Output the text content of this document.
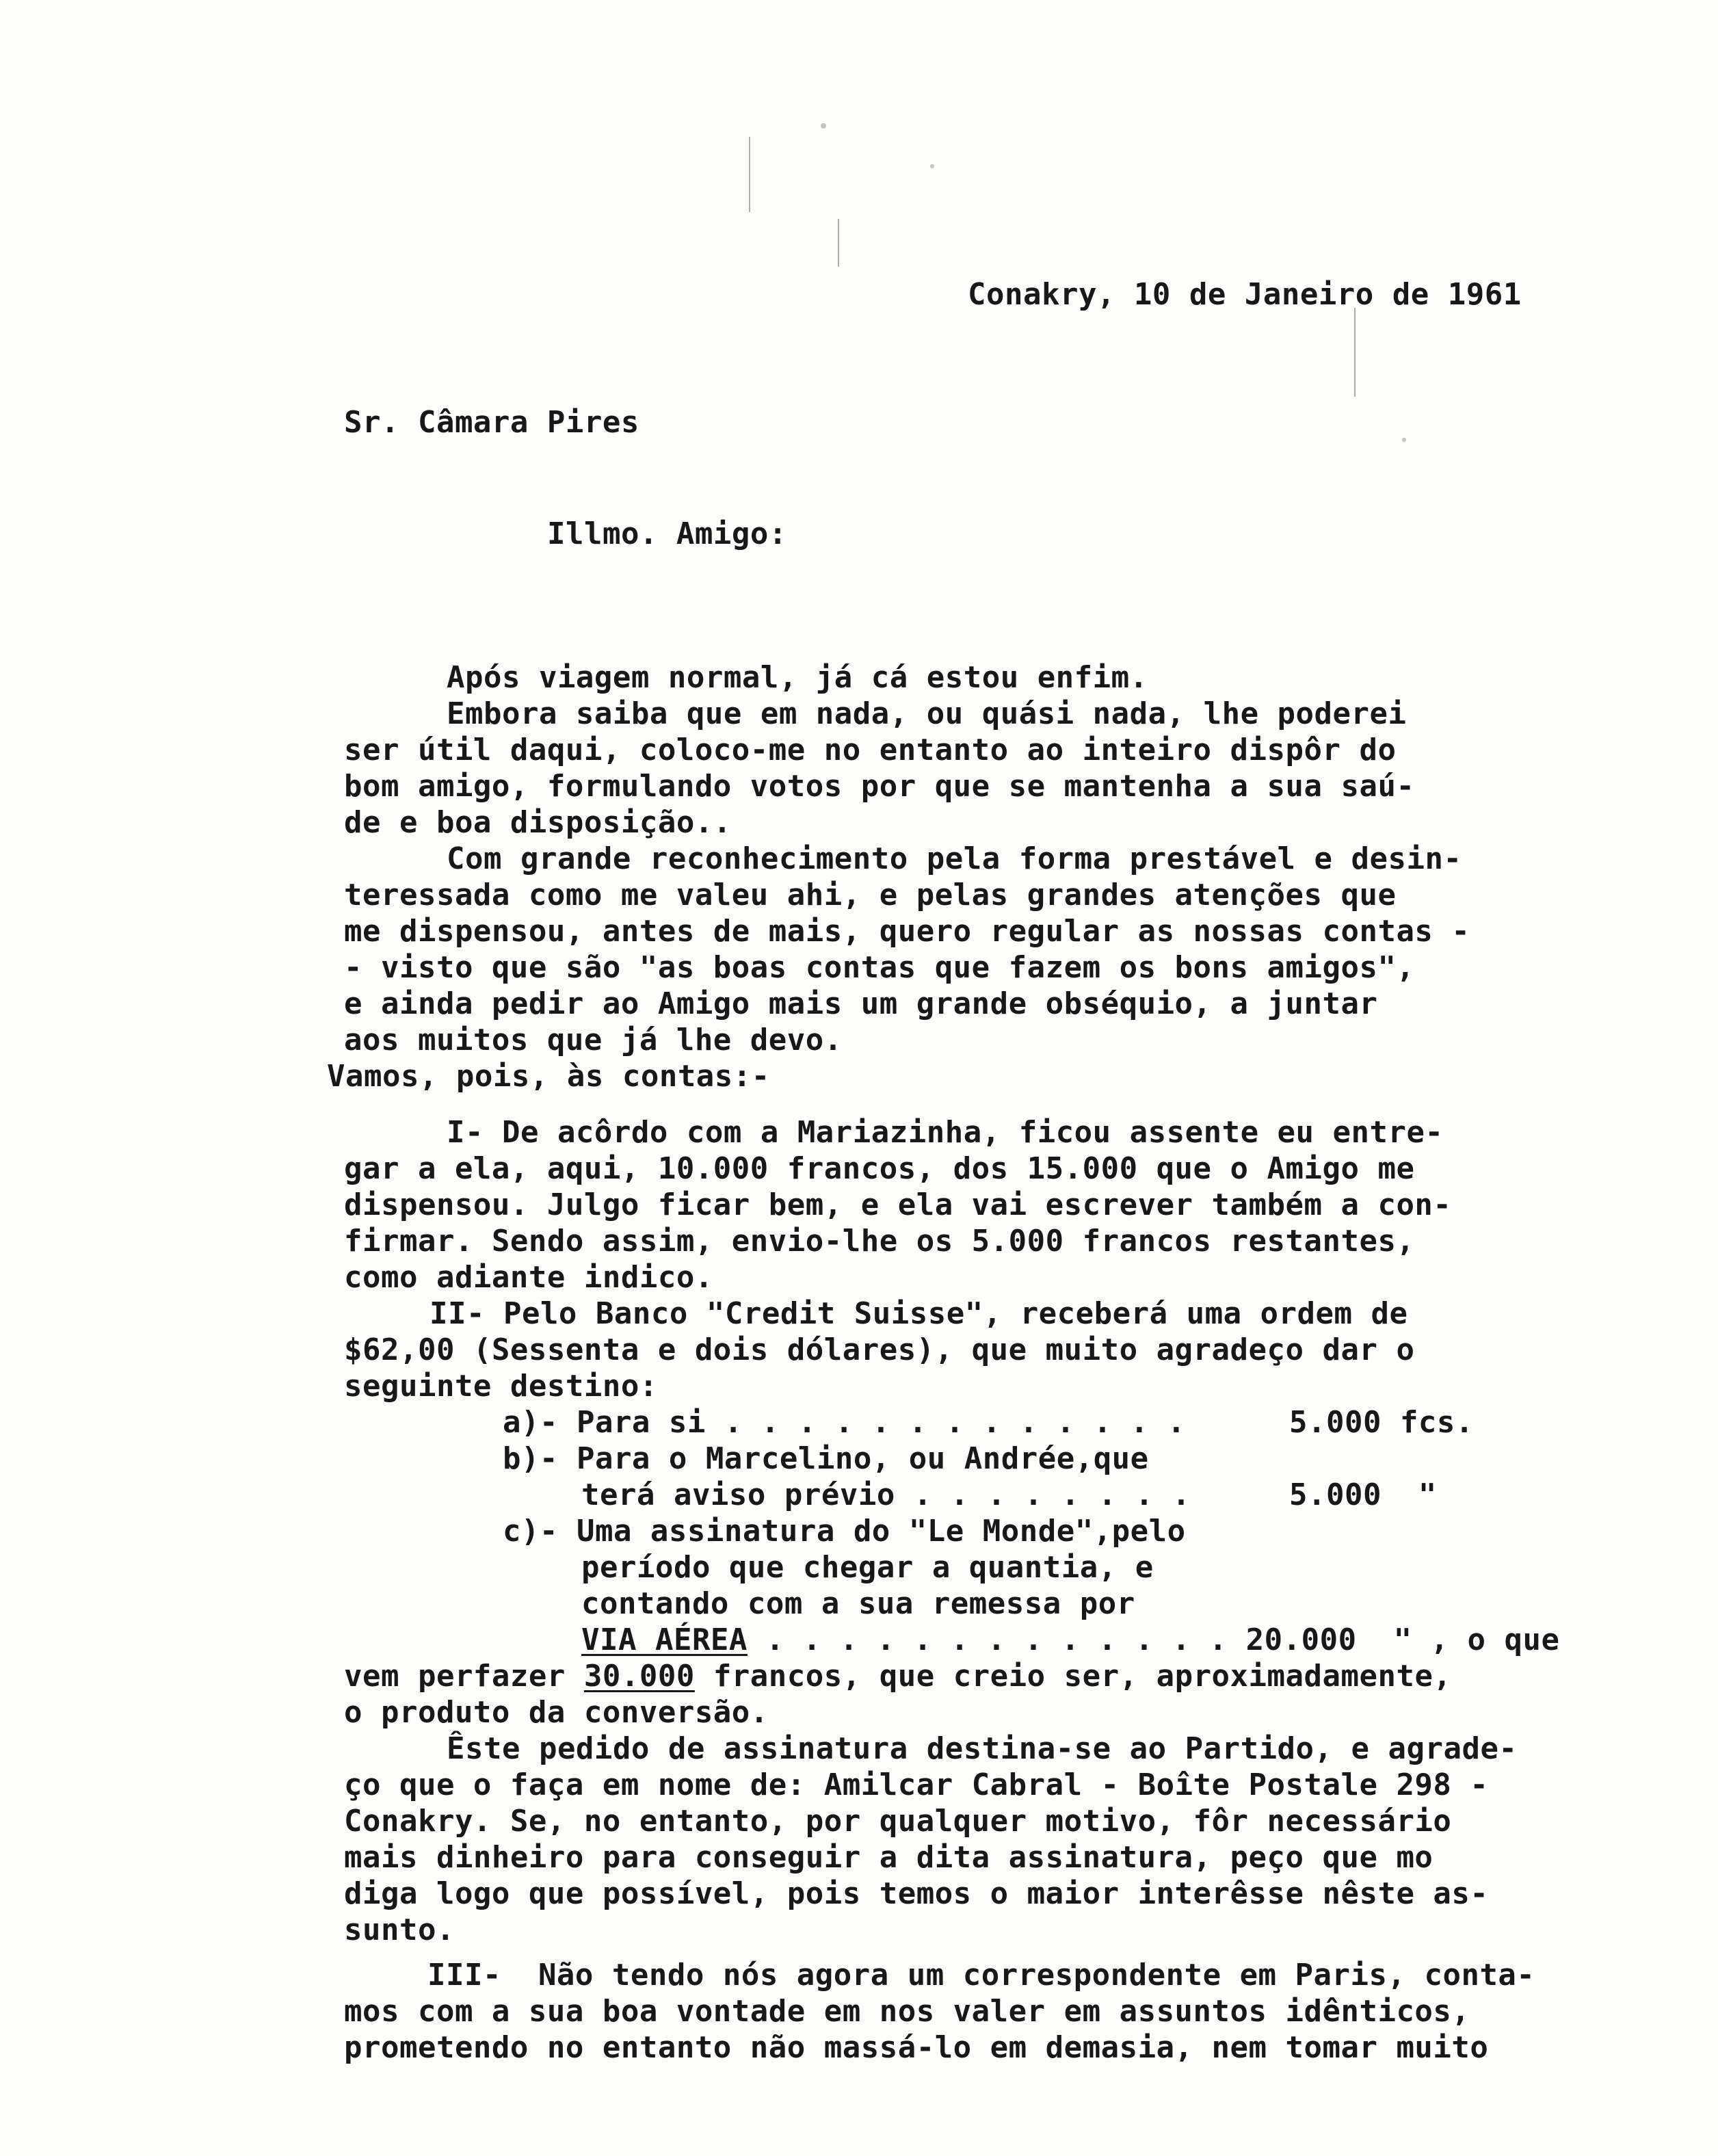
Conakry, 10 de Janeiro de 1961

Sr. Câmara Pires

Illmo. Amigo:

Após viagem normal, já cá estou enfim.

Embora saiba que em nada, ou quási nada, lhe poderei

ser útil daqui, coloco-me no entanto ao inteiro dispôr do

bom amigo, formulando votos por que se mantenha a sua saú-

de e boa disposição..

Com grande reconhecimento pela forma prestável e desin-

teressada como me valeu ahi, e pelas grandes atenções que

me dispensou, antes de mais, quero regular as nossas contas -

- visto que são "as boas contas que fazem os bons amigos",

e ainda pedir ao Amigo mais um grande obséquio, a juntar

aos muitos que já lhe devo.

Vamos, pois, às contas:-

I- De acôrdo com a Mariazinha, ficou assente eu entre-

gar a ela, aqui, 10.000 francos, dos 15.000 que o Amigo me

dispensou. Julgo ficar bem, e ela vai escrever também a con-

firmar. Sendo assim, envio-lhe os 5.000 francos restantes,

como adiante indico.

II- Pelo Banco "Credit Suisse", receberá uma ordem de

$62,00 (Sessenta e dois dólares), que muito agradeço dar o

seguinte destino:

a)- Para si . . . . . . . . . . . . .	5.000 fcs.

b)- Para o Marcelino, ou Andrée,que

terá aviso prévio . . . . . . . .	5.000  "

c)- Uma assinatura do "Le Monde",pelo

período que chegar a quantia, e

contando com a sua remessa por

VIA AÉREA . . . . . . . . . . . . . 20.000  " , o que

vem perfazer 30.000 francos, que creio ser, aproximadamente,

o produto da conversão.

Êste pedido de assinatura destina-se ao Partido, e agrade-

ço que o faça em nome de: Amilcar Cabral - Boîte Postale 298 -

Conakry. Se, no entanto, por qualquer motivo, fôr necessário

mais dinheiro para conseguir a dita assinatura, peço que mo

diga logo que possível, pois temos o maior interêsse nêste as-

sunto.

III-  Não tendo nós agora um correspondente em Paris, conta-

mos com a sua boa vontade em nos valer em assuntos idênticos,

prometendo no entanto não massá-lo em demasia, nem tomar muito
